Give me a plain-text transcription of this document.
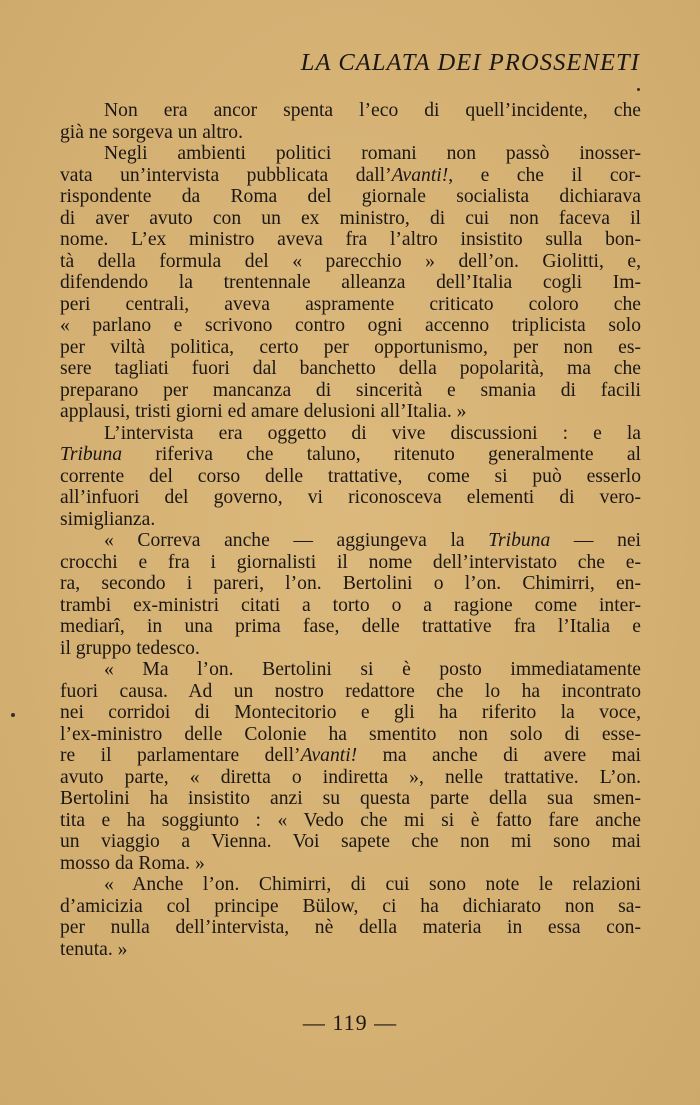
LA CALATA DEI PROSSENETI
Non era ancor spenta l’eco di quell’incidente, che
già ne sorgeva un altro.
Negli ambienti politici romani non passò inosser-
vata un’intervista pubblicata dall’Avanti!, e che il cor-
rispondente da Roma del giornale socialista dichiarava
di aver avuto con un ex ministro, di cui non faceva il
nome. L’ex ministro aveva fra l’altro insistito sulla bon-
tà della formula del « parecchio » dell’on. Giolitti, e,
difendendo la trentennale alleanza dell’Italia cogli Im-
peri centrali, aveva aspramente criticato coloro che
« parlano e scrivono contro ogni accenno triplicista solo
per viltà politica, certo per opportunismo, per non es-
sere tagliati fuori dal banchetto della popolarità, ma che
preparano per mancanza di sincerità e smania di facili
applausi, tristi giorni ed amare delusioni all’Italia. »
L’intervista era oggetto di vive discussioni : e la
Tribuna riferiva che taluno, ritenuto generalmente al
corrente del corso delle trattative, come si può esserlo
all’infuori del governo, vi riconosceva elementi di vero-
simiglianza.
« Correva anche — aggiungeva la Tribuna — nei
crocchi e fra i giornalisti il nome dell’intervistato che e-
ra, secondo i pareri, l’on. Bertolini o l’on. Chimirri, en-
trambi ex-ministri citati a torto o a ragione come inter-
mediarî, in una prima fase, delle trattative fra l’Italia e
il gruppo tedesco.
« Ma l’on. Bertolini si è posto immediatamente
fuori causa. Ad un nostro redattore che lo ha incontrato
nei corridoi di Montecitorio e gli ha riferito la voce,
l’ex-ministro delle Colonie ha smentito non solo di esse-
re il parlamentare dell’Avanti! ma anche di avere mai
avuto parte, « diretta o indiretta », nelle trattative. L’on.
Bertolini ha insistito anzi su questa parte della sua smen-
tita e ha soggiunto : « Vedo che mi si è fatto fare anche
un viaggio a Vienna. Voi sapete che non mi sono mai
mosso da Roma. »
« Anche l’on. Chimirri, di cui sono note le relazioni
d’amicizia col principe Bülow, ci ha dichiarato non sa-
per nulla dell’intervista, nè della materia in essa con-
tenuta. »
— 119 —
